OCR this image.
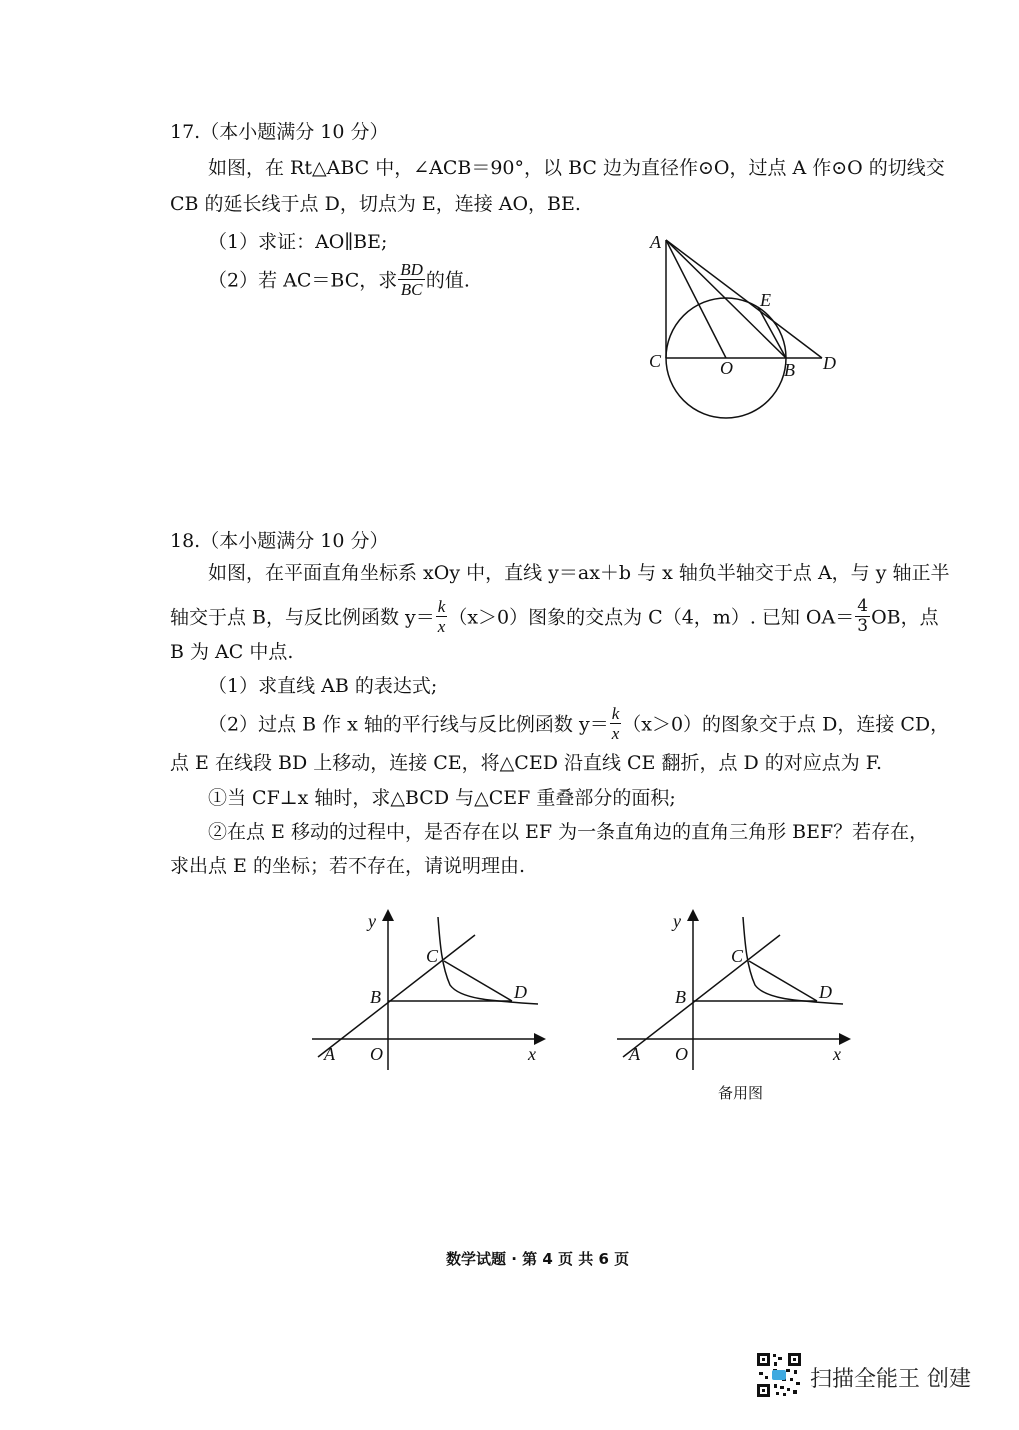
17.（本小题满分 10 分）
如图，在 Rt△ABC 中，∠ACB＝90°，以 BC 边为直径作⊙O，过点 A 作⊙O 的切线交
CB 的延长线于点 D，切点为 E，连接 AO，BE.
（1）求证：AO∥BE;
（2）若 AC＝BC，求 $\frac{BD}{BC}$ 的值.
A
E
C	O	B D
18.（本小题满分 10 分）
如图，在平面直角坐标系 xOy 中，直线 y＝ax＋b 与 x 轴负半轴交于点 A，与 y 轴正半
轴交于点 B，与反比例函数 $y= \frac{k}{x} (x>0)$图象的交点为 C（4，m）. 已知 $OA= \frac{4}{3}$ OB，点
B 为 AC 中点.
（1）求直线 AB 的表达式;
（2）过点 B 作 x 轴的平行线与反比例函数 $y= \frac{k}{x} (x>0)$的图象交于点 D，连接 CD，
点 E 在线段 BD 上移动，连接 CE，将△CED 沿直线 CE 翻折，点 D 的对应点为 F.
①当 CF⊥x 轴时，求△BCD 与△CEF 重叠部分的面积;
②在点 E 移动的过程中，是否存在以 EF 为一条直角边的直角三角形 BEF？若存在，
求出点 E 的坐标；若不存在，请说明理由.
y
x
A O
B
C
D
y
x
A O
B
C
D
备用图
数学试题 · 第 4 页 共 6 页
扫描全能王 创建
